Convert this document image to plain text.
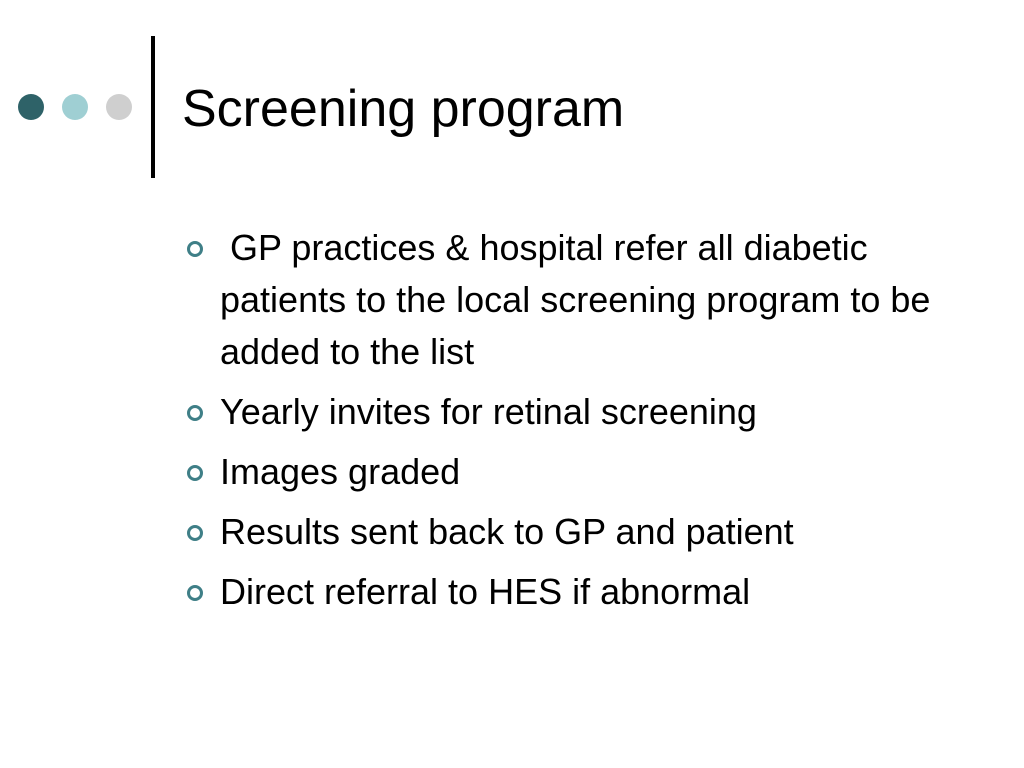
Screening program
GP practices & hospital refer all diabetic patients to the local screening program to be added to the list
Yearly invites for retinal screening
Images graded
Results sent back to GP and patient
Direct referral to HES if abnormal
